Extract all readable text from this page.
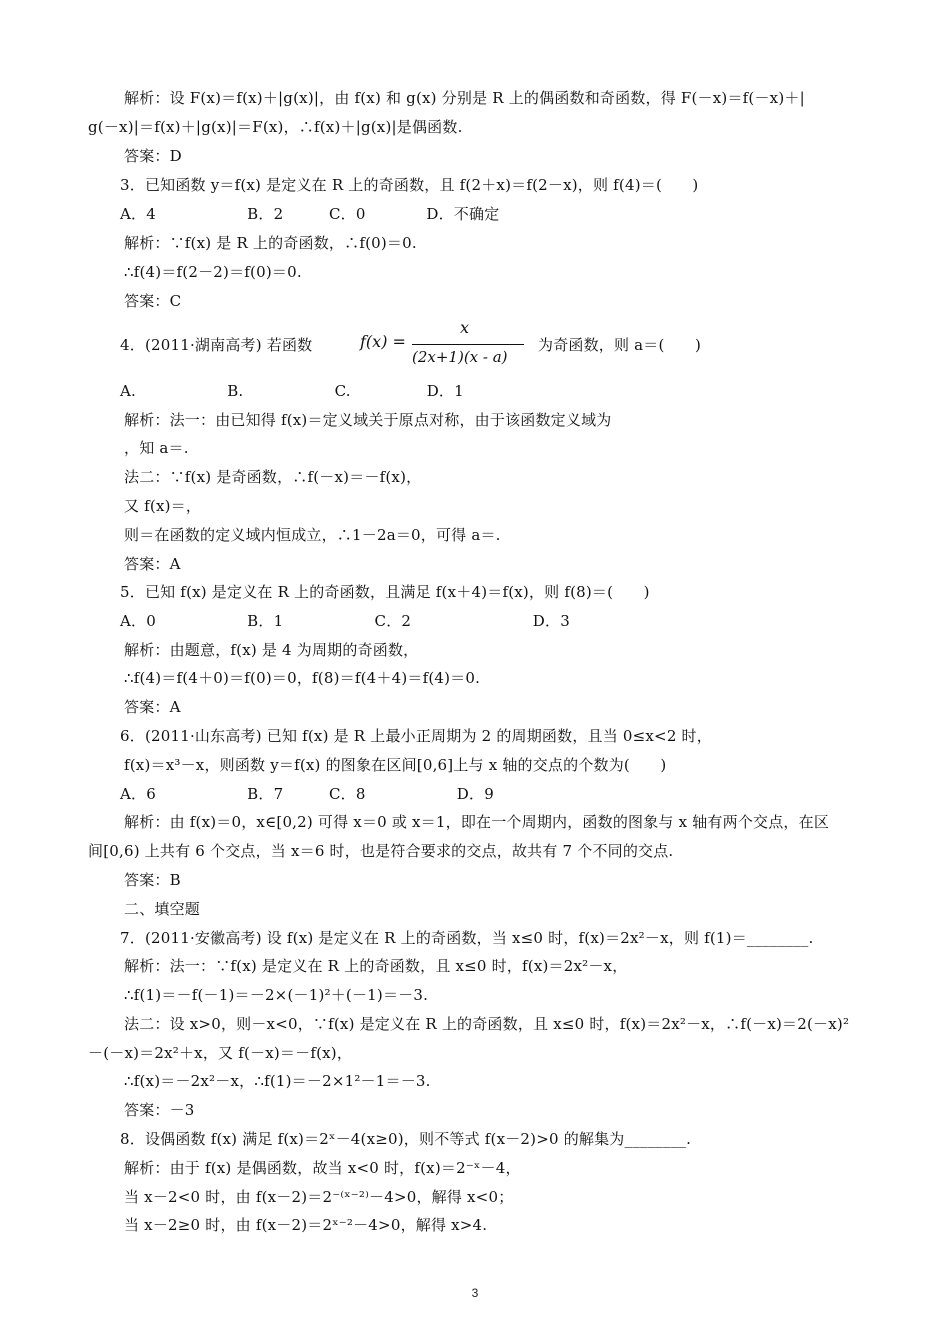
解析：设 F(x)＝f(x)＋|g(x)|，由 f(x) 和 g(x) 分别是 R 上的偶函数和奇函数，得 F(－x)＝f(－x)＋|
g(－x)|＝f(x)＋|g(x)|＝F(x)，∴f(x)＋|g(x)|是偶函数.
答案：D
3．已知函数 y＝f(x) 是定义在 R 上的奇函数，且 f(2＋x)＝f(2－x)，则 f(4)＝(　　)
A．4　　　　　　B．2　　　C．0　　　　D．不确定
解析：∵f(x) 是 R 上的奇函数，∴f(0)＝0.
∴f(4)＝f(2－2)＝f(0)＝0.
答案：C
4．(2011·湖南高考) 若函数	f(x) =
x
(2x+1)(x - a)
为奇函数，则 a＝(　　)
A.　　　　　　B.　　　　　　C.　　　　　D．1
解析：法一：由已知得 f(x)＝定义域关于原点对称，由于该函数定义域为
，知 a＝.
法二：∵f(x) 是奇函数，∴f(－x)＝－f(x)，
又 f(x)＝，
则＝在函数的定义域内恒成立，∴1－2a＝0，可得 a＝.
答案：A
5．已知 f(x) 是定义在 R 上的奇函数，且满足 f(x＋4)＝f(x)，则 f(8)＝(　　)
A．0　　　　　　B．1　　　　　　C．2　　　　　　　　D．3
解析：由题意，f(x) 是 4 为周期的奇函数，
∴f(4)＝f(4＋0)＝f(0)＝0，f(8)＝f(4＋4)＝f(4)＝0.
答案：A
6．(2011·山东高考) 已知 f(x) 是 R 上最小正周期为 2 的周期函数，且当 0≤x<2 时，
f(x)＝x³－x，则函数 y＝f(x) 的图象在区间[0,6]上与 x 轴的交点的个数为(　　)
A．6　　　　　　B．7　　　C．8　　　　　　D．9
解析：由 f(x)＝0，x∈[0,2) 可得 x＝0 或 x＝1，即在一个周期内，函数的图象与 x 轴有两个交点，在区
间[0,6) 上共有 6 个交点，当 x＝6 时，也是符合要求的交点，故共有 7 个不同的交点.
答案：B
二、填空题
7．(2011·安徽高考) 设 f(x) 是定义在 R 上的奇函数，当 x≤0 时，f(x)＝2x²－x，则 f(1)＝________.
解析：法一：∵f(x) 是定义在 R 上的奇函数，且 x≤0 时，f(x)＝2x²－x，
∴f(1)＝－f(－1)＝－2×(－1)²＋(－1)＝－3.
法二：设 x>0，则－x<0，∵f(x) 是定义在 R 上的奇函数，且 x≤0 时，f(x)＝2x²－x，∴f(－x)＝2(－x)²
－(－x)＝2x²＋x，又 f(－x)＝－f(x)，
∴f(x)＝－2x²－x，∴f(1)＝－2×1²－1＝－3.
答案：－3
8．设偶函数 f(x) 满足 f(x)＝2ˣ－4(x≥0)，则不等式 f(x－2)>0 的解集为________.
解析：由于 f(x) 是偶函数，故当 x<0 时，f(x)＝2⁻ˣ－4，
当 x－2<0 时，由 f(x－2)＝2⁻⁽ˣ⁻²⁾－4>0，解得 x<0；
当 x－2≥0 时，由 f(x－2)＝2ˣ⁻²－4>0，解得 x>4.
3
